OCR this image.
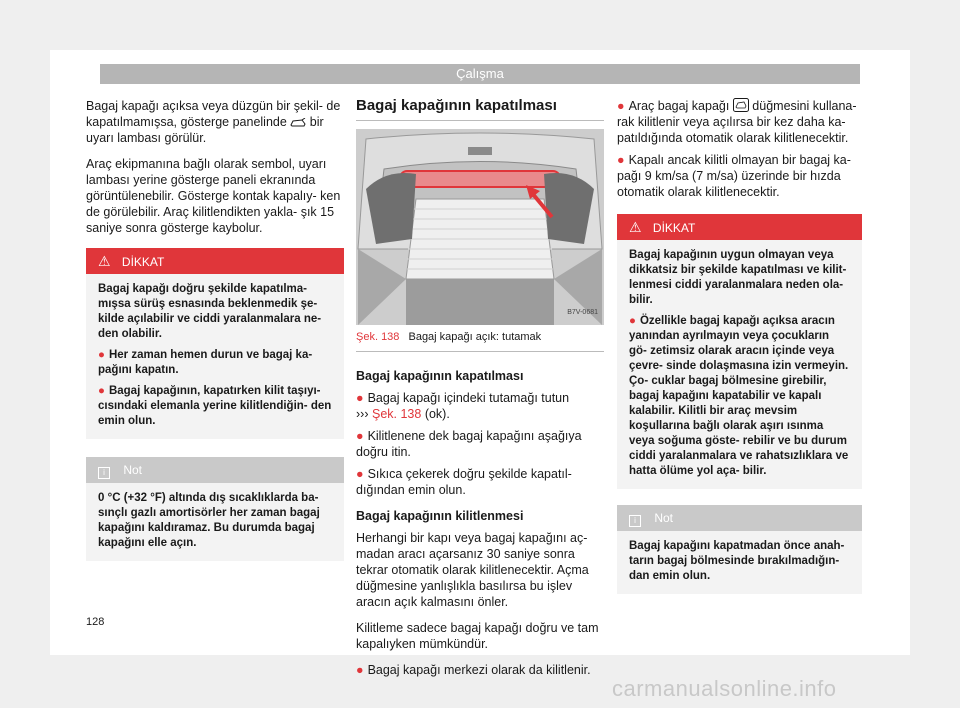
Çalışma

Bagaj kapağı açıksa veya düzgün bir şekil- de kapatılmamışsa, gösterge panelinde bir uyarı lambası görülür.

Araç ekipmanına bağlı olarak sembol, uyarı lambası yerine gösterge paneli ekranında görüntülenebilir. Gösterge kontak kapalıy- ken de görülebilir. Araç kilitlendikten yakla- şık 15 saniye sonra gösterge kaybolur.

⚠ DİKKAT

Bagaj kapağı doğru şekilde kapatılma- mışsa sürüş esnasında beklenmedik şe- kilde açılabilir ve ciddi yaralanmalara ne- den olabilir.

● Her zaman hemen durun ve bagaj ka- pağını kapatın.

● Bagaj kapağının, kapatırken kilit taşıyı- cısındaki elemanla yerine kilitlendiğin- den emin olun.

i Not
0 °C (+32 °F) altında dış sıcaklıklarda ba- sınçlı gazlı amortisörler her zaman bagaj kapağını kaldıramaz. Bu durumda bagaj kapağını elle açın.
Bagaj kapağının kapatılması
B7V-0681
Şek. 138 Bagaj kapağı açık: tutamak
Bagaj kapağının kapatılması

● Bagaj kapağı içindeki tutamağı tutun
››› Şek. 138 (ok).

● Kilitlenene dek bagaj kapağını aşağıya doğru itin.

● Sıkıca çekerek doğru şekilde kapatıl- dığından emin olun.

Bagaj kapağının kilitlenmesi

Herhangi bir kapı veya bagaj kapağını aç- madan aracı açarsanız 30 saniye sonra tekrar otomatik olarak kilitlenecektir. Açma düğmesine yanlışlıkla basılırsa bu işlev aracın açık kalmasını önler.

Kilitleme sadece bagaj kapağı doğru ve tam kapalıyken mümkündür.

● Bagaj kapağı merkezi olarak da kilitlenir.

● Araç bagaj kapağı düğmesini kullana- rak kilitlenir veya açılırsa bir kez daha ka- patıldığında otomatik olarak kilitlenecektir.

● Kapalı ancak kilitli olmayan bir bagaj ka- pağı 9 km/sa (7 m/sa) üzerinde bir hızda otomatik olarak kilitlenecektir.

⚠ DİKKAT

Bagaj kapağının uygun olmayan veya dikkatsiz bir şekilde kapatılması ve kilit- lenmesi ciddi yaralanmalara neden ola- bilir.

● Özellikle bagaj kapağı açıksa aracın yanından ayrılmayın veya çocukların gö- zetimsiz olarak aracın içinde veya çevre- sinde dolaşmasına izin vermeyin. Ço- cuklar bagaj bölmesine girebilir, bagaj kapağını kapatabilir ve kapalı kalabilir. Kilitli bir araç mevsim koşullarına bağlı olarak aşırı ısınma veya soğuma göste- rebilir ve bu durum ciddi yaralanmalara ve rahatsızlıklara ve hatta ölüme yol aça- bilir.

i Not
Bagaj kapağını kapatmadan önce anah- tarın bagaj bölmesinde bırakılmadığın- dan emin olun.
128
carmanualsonline.info
